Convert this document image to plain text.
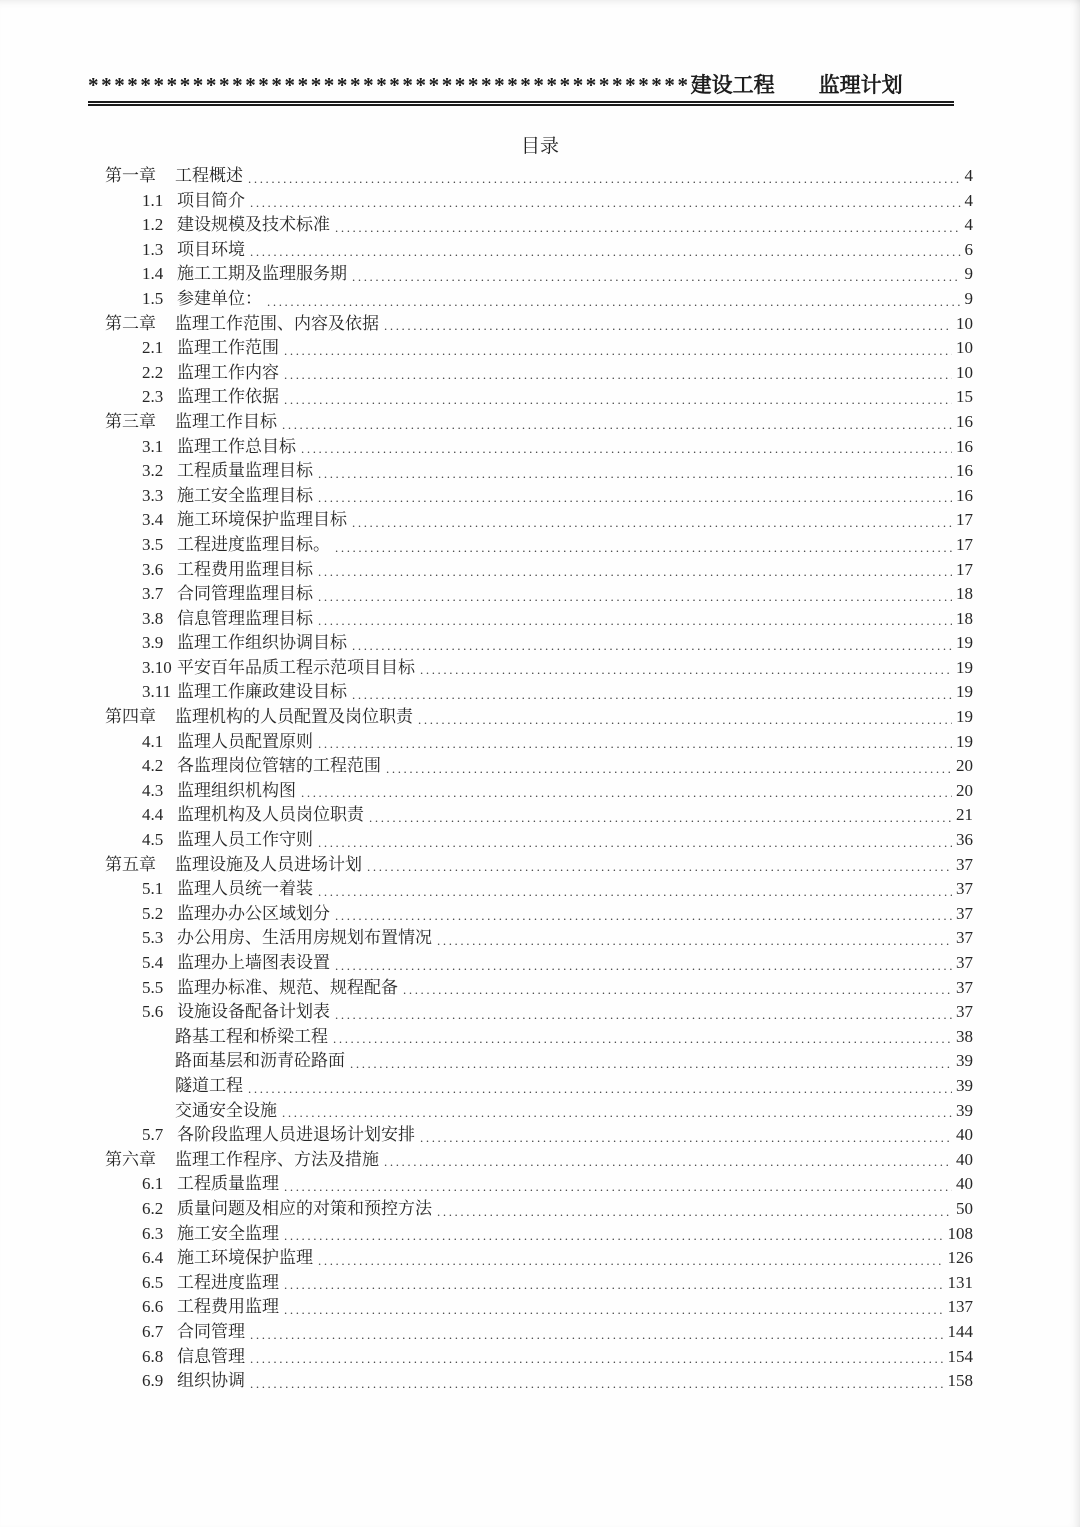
**********************************************建设工程 监理计划
目录
第一章	工程概述 .....	4
1.1 项目简介 .....	4
1.2 建设规模及技术标准 .....	4
1.3 项目环境 .....	6
1.4 施工工期及监理服务期 .....	9
1.5 参建单位： .....	9
第二章	监理工作范围、内容及依据 .....	10
2.1 监理工作范围 .....	10
2.2 监理工作内容 .....	10
2.3 监理工作依据 .....	15
第三章	监理工作目标 .....	16
3.1 监理工作总目标 .....	16
3.2 工程质量监理目标 .....	16
3.3 施工安全监理目标 .....	16
3.4 施工环境保护监理目标 .....	17
3.5 工程进度监理目标。 .....	17
3.6 工程费用监理目标 .....	17
3.7 合同管理监理目标 .....	18
3.8 信息管理监理目标 .....	18
3.9 监理工作组织协调目标 .....	19
3.10 平安百年品质工程示范项目目标 .....	19
3.11 监理工作廉政建设目标 .....	19
第四章	监理机构的人员配置及岗位职责 .....	19
4.1 监理人员配置原则 .....	19
4.2 各监理岗位管辖的工程范围 .....	20
4.3 监理组织机构图 .....	20
4.4 监理机构及人员岗位职责 .....	21
4.5 监理人员工作守则 .....	36
第五章	监理设施及人员进场计划 .....	37
5.1 监理人员统一着装 .....	37
5.2 监理办办公区域划分 .....	37
5.3 办公用房、生活用房规划布置情况 .....	37
5.4 监理办上墙图表设置 .....	37
5.5 监理办标准、规范、规程配备 .....	37
5.6 设施设备配备计划表 .....	37
路基工程和桥梁工程 .....	38
路面基层和沥青砼路面 .....	39
隧道工程 .....	39
交通安全设施 .....	39
5.7 各阶段监理人员进退场计划安排 .....	40
第六章	监理工作程序、方法及措施 .....	40
6.1 工程质量监理 .....	40
6.2 质量问题及相应的对策和预控方法 .....	50
6.3 施工安全监理 .....	108
6.4 施工环境保护监理 .....	126
6.5 工程进度监理 .....	131
6.6 工程费用监理 .....	137
6.7 合同管理 .....	144
6.8 信息管理 .....	154
6.9 组织协调 .....	158
